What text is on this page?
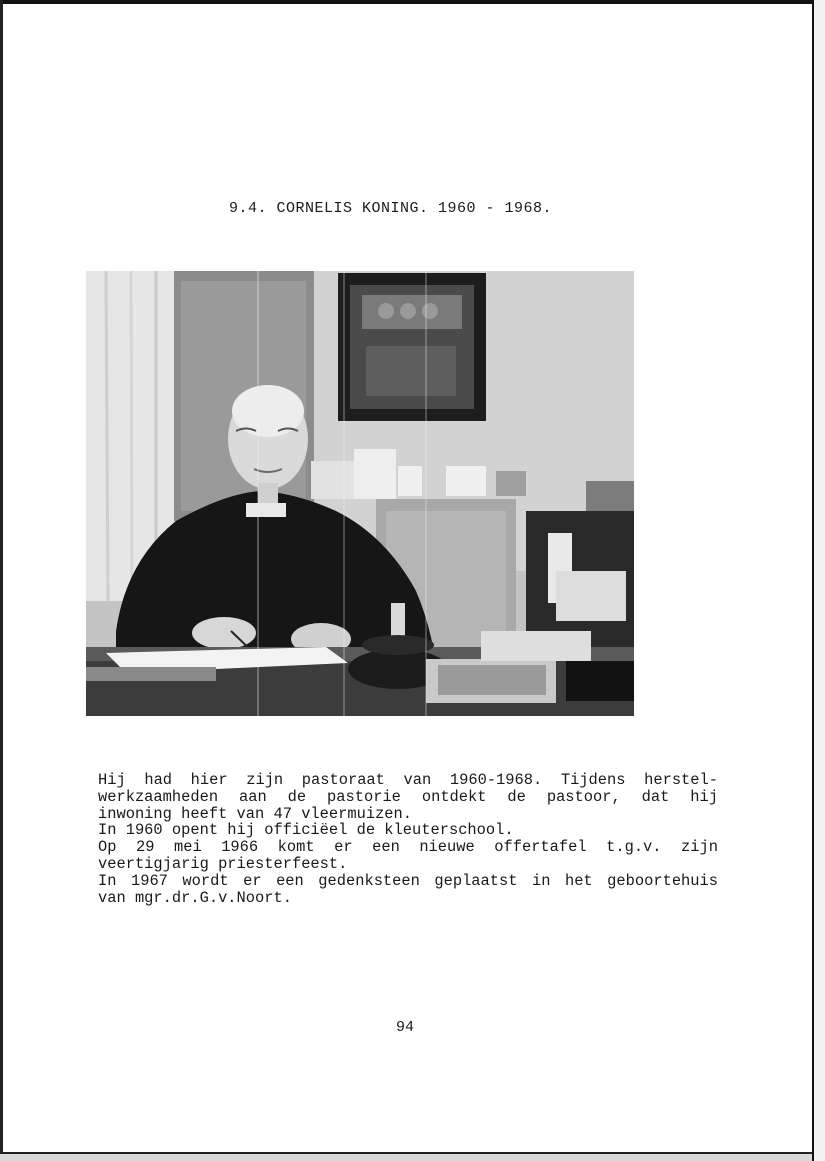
9.4. CORNELIS KONING. 1960 - 1968.

Hij had hier zijn pastoraat van 1960-1968. Tijdens herstel-

werkzaamheden aan de pastorie ontdekt de pastoor, dat hij

inwoning heeft van 47 vleermuizen.

In 1960 opent hij officiëel de kleuterschool.

Op 29 mei 1966 komt er een nieuwe offertafel t.g.v. zijn

veertigjarig priesterfeest.

In 1967 wordt er een gedenksteen geplaatst in het geboortehuis

van mgr.dr.G.v.Noort.

94
